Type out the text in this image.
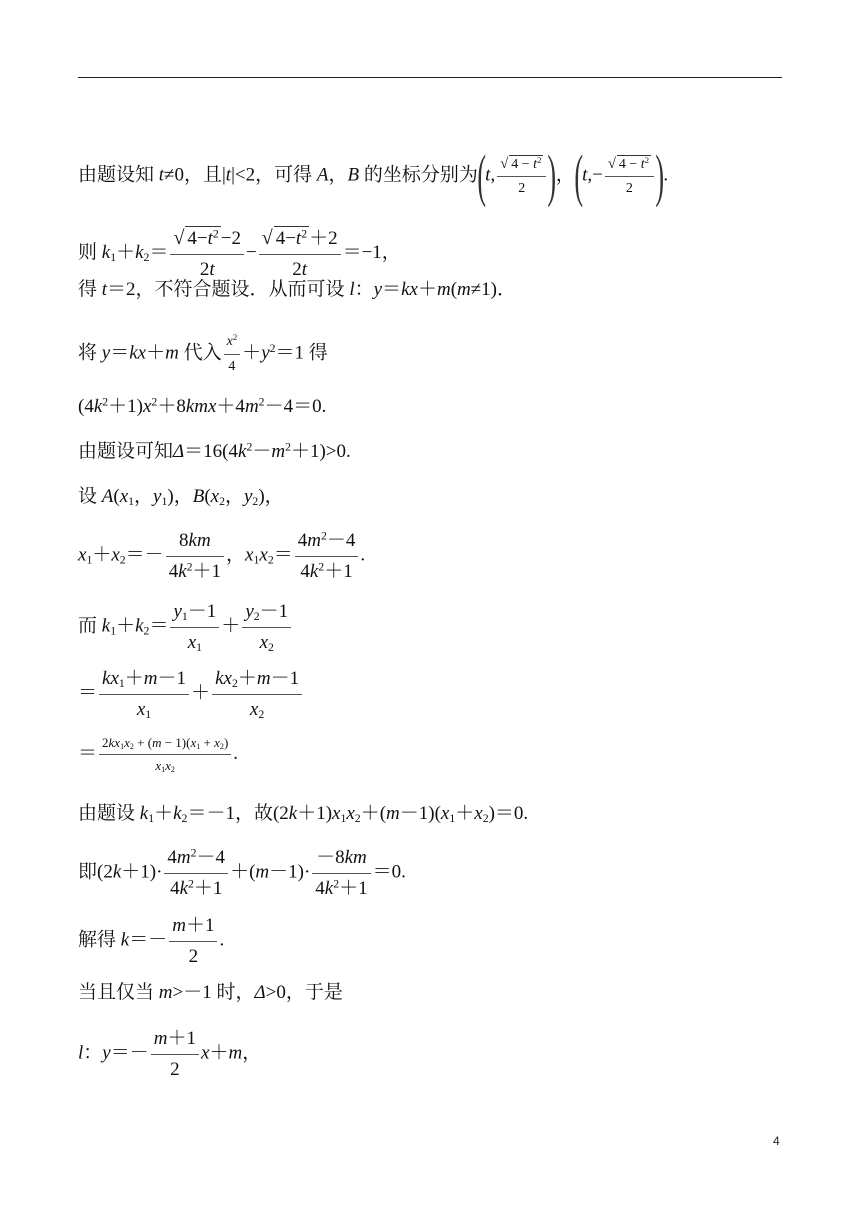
由题设知 t≠0，且|t|<2，可得 A，B 的坐标分别为(t, $\frac{√ 4 - t^2}{2}$ )，($t,- \frac{√ 4 - t^2}{2}$ ).
则 $k_1+k_2= \frac{√ 4-t^2 -2}{2t} - \frac{√ 4-t^2 +2}{2t} =-1$，
得 t＝2，不符合题设．从而可设 l：y＝kx＋m(m≠1)．
将 y＝kx＋m 代入 $\frac{x^2}{4} +y^2=1$ 得
$(4k^2+1)x^2+8kmx+4m^2-4=0$.
由题设可知$\Delta=16(4k^2-m^2+1)>0$.
设 $A(x_1$，$y_1$)，$B(x_2$，$y_2$)，
$x_1+x_2=- \frac{8km}{4k^2+1}$ ，$x_1x_2= \frac{4m^2-4}{4k^2+1}$ .
而 $k_1+k_2= \frac{y_1-1}{x_1} + \frac{y_2-1}{x_2}$
＝ $\frac{kx_1+m-1}{x_1} + \frac{kx_2+m-1}{x_2}$
＝ $\frac{2kx_1x_2 + (m - 1)(x_1 + x_2)}{x_1x_2}$ .
由题设 $k_1+k_2=-1$，故$(2k+1)x_1x_2+(m-1)(x_1+x_2)=0$.
即$(2k+1)\cdot \frac{4m^2-4}{4k^2+1} +(m-1)\cdot \frac{-8km}{4k^2+1} =0$.
解得 $k=- \frac{m+1}{2}$ .
当且仅当 m>－1 时，Δ>0，于是
l：$y=- \frac{m+1}{2} x+m$，
4
